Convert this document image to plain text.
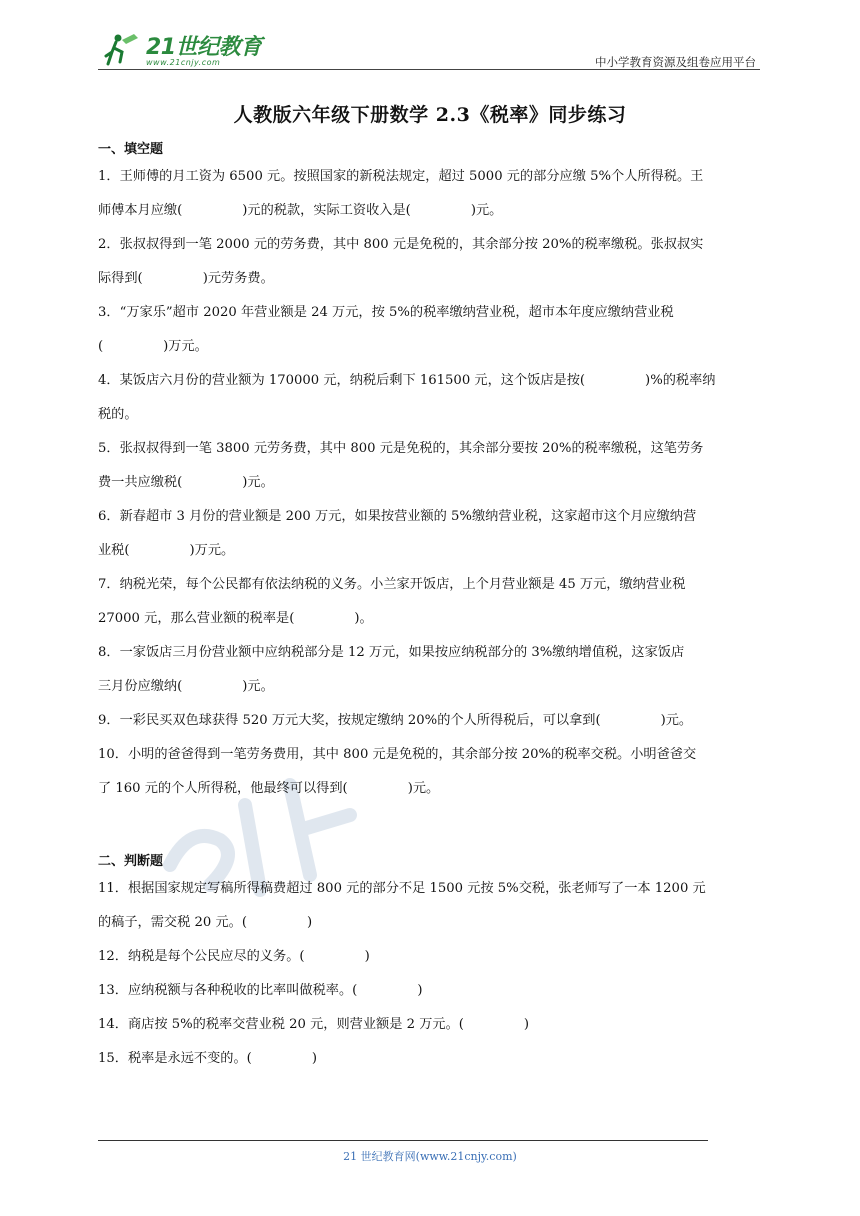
21世纪教育
www.21cnjy.com	中小学教育资源及组卷应用平台
人教版六年级下册数学 2.3《税率》同步练习
一、填空题
1．王师傅的月工资为 6500 元。按照国家的新税法规定，超过 5000 元的部分应缴 5%个人所得税。王
师傅本月应缴(	)元的税款，实际工资收入是(	)元。
2．张叔叔得到一笔 2000 元的劳务费，其中 800 元是免税的，其余部分按 20%的税率缴税。张叔叔实
际得到(	)元劳务费。
3．“万家乐”超市 2020 年营业额是 24 万元，按 5%的税率缴纳营业税，超市本年度应缴纳营业税
(	)万元。
4．某饭店六月份的营业额为 170000 元，纳税后剩下 161500 元，这个饭店是按(	)%的税率纳
税的。
5．张叔叔得到一笔 3800 元劳务费，其中 800 元是免税的，其余部分要按 20%的税率缴税，这笔劳务
费一共应缴税(	)元。
6．新春超市 3 月份的营业额是 200 万元，如果按营业额的 5%缴纳营业税，这家超市这个月应缴纳营
业税(	)万元。
7．纳税光荣，每个公民都有依法纳税的义务。小兰家开饭店，上个月营业额是 45 万元，缴纳营业税
27000 元，那么营业额的税率是(	)。
8．一家饭店三月份营业额中应纳税部分是 12 万元，如果按应纳税部分的 3%缴纳增值税，这家饭店
三月份应缴纳(	)元。
9．一彩民买双色球获得 520 万元大奖，按规定缴纳 20%的个人所得税后，可以拿到(	)元。
10．小明的爸爸得到一笔劳务费用，其中 800 元是免税的，其余部分按 20%的税率交税。小明爸爸交
了 160 元的个人所得税，他最终可以得到(	)元。
二、判断题
11．根据国家规定写稿所得稿费超过 800 元的部分不足 1500 元按 5%交税，张老师写了一本 1200 元
的稿子，需交税 20 元。(	)
12．纳税是每个公民应尽的义务。(	)
13．应纳税额与各种税收的比率叫做税率。(	)
14．商店按 5%的税率交营业税 20 元，则营业额是 2 万元。(	)
15．税率是永远不变的。(	)
21 世纪教育网(www.21cnjy.com)
